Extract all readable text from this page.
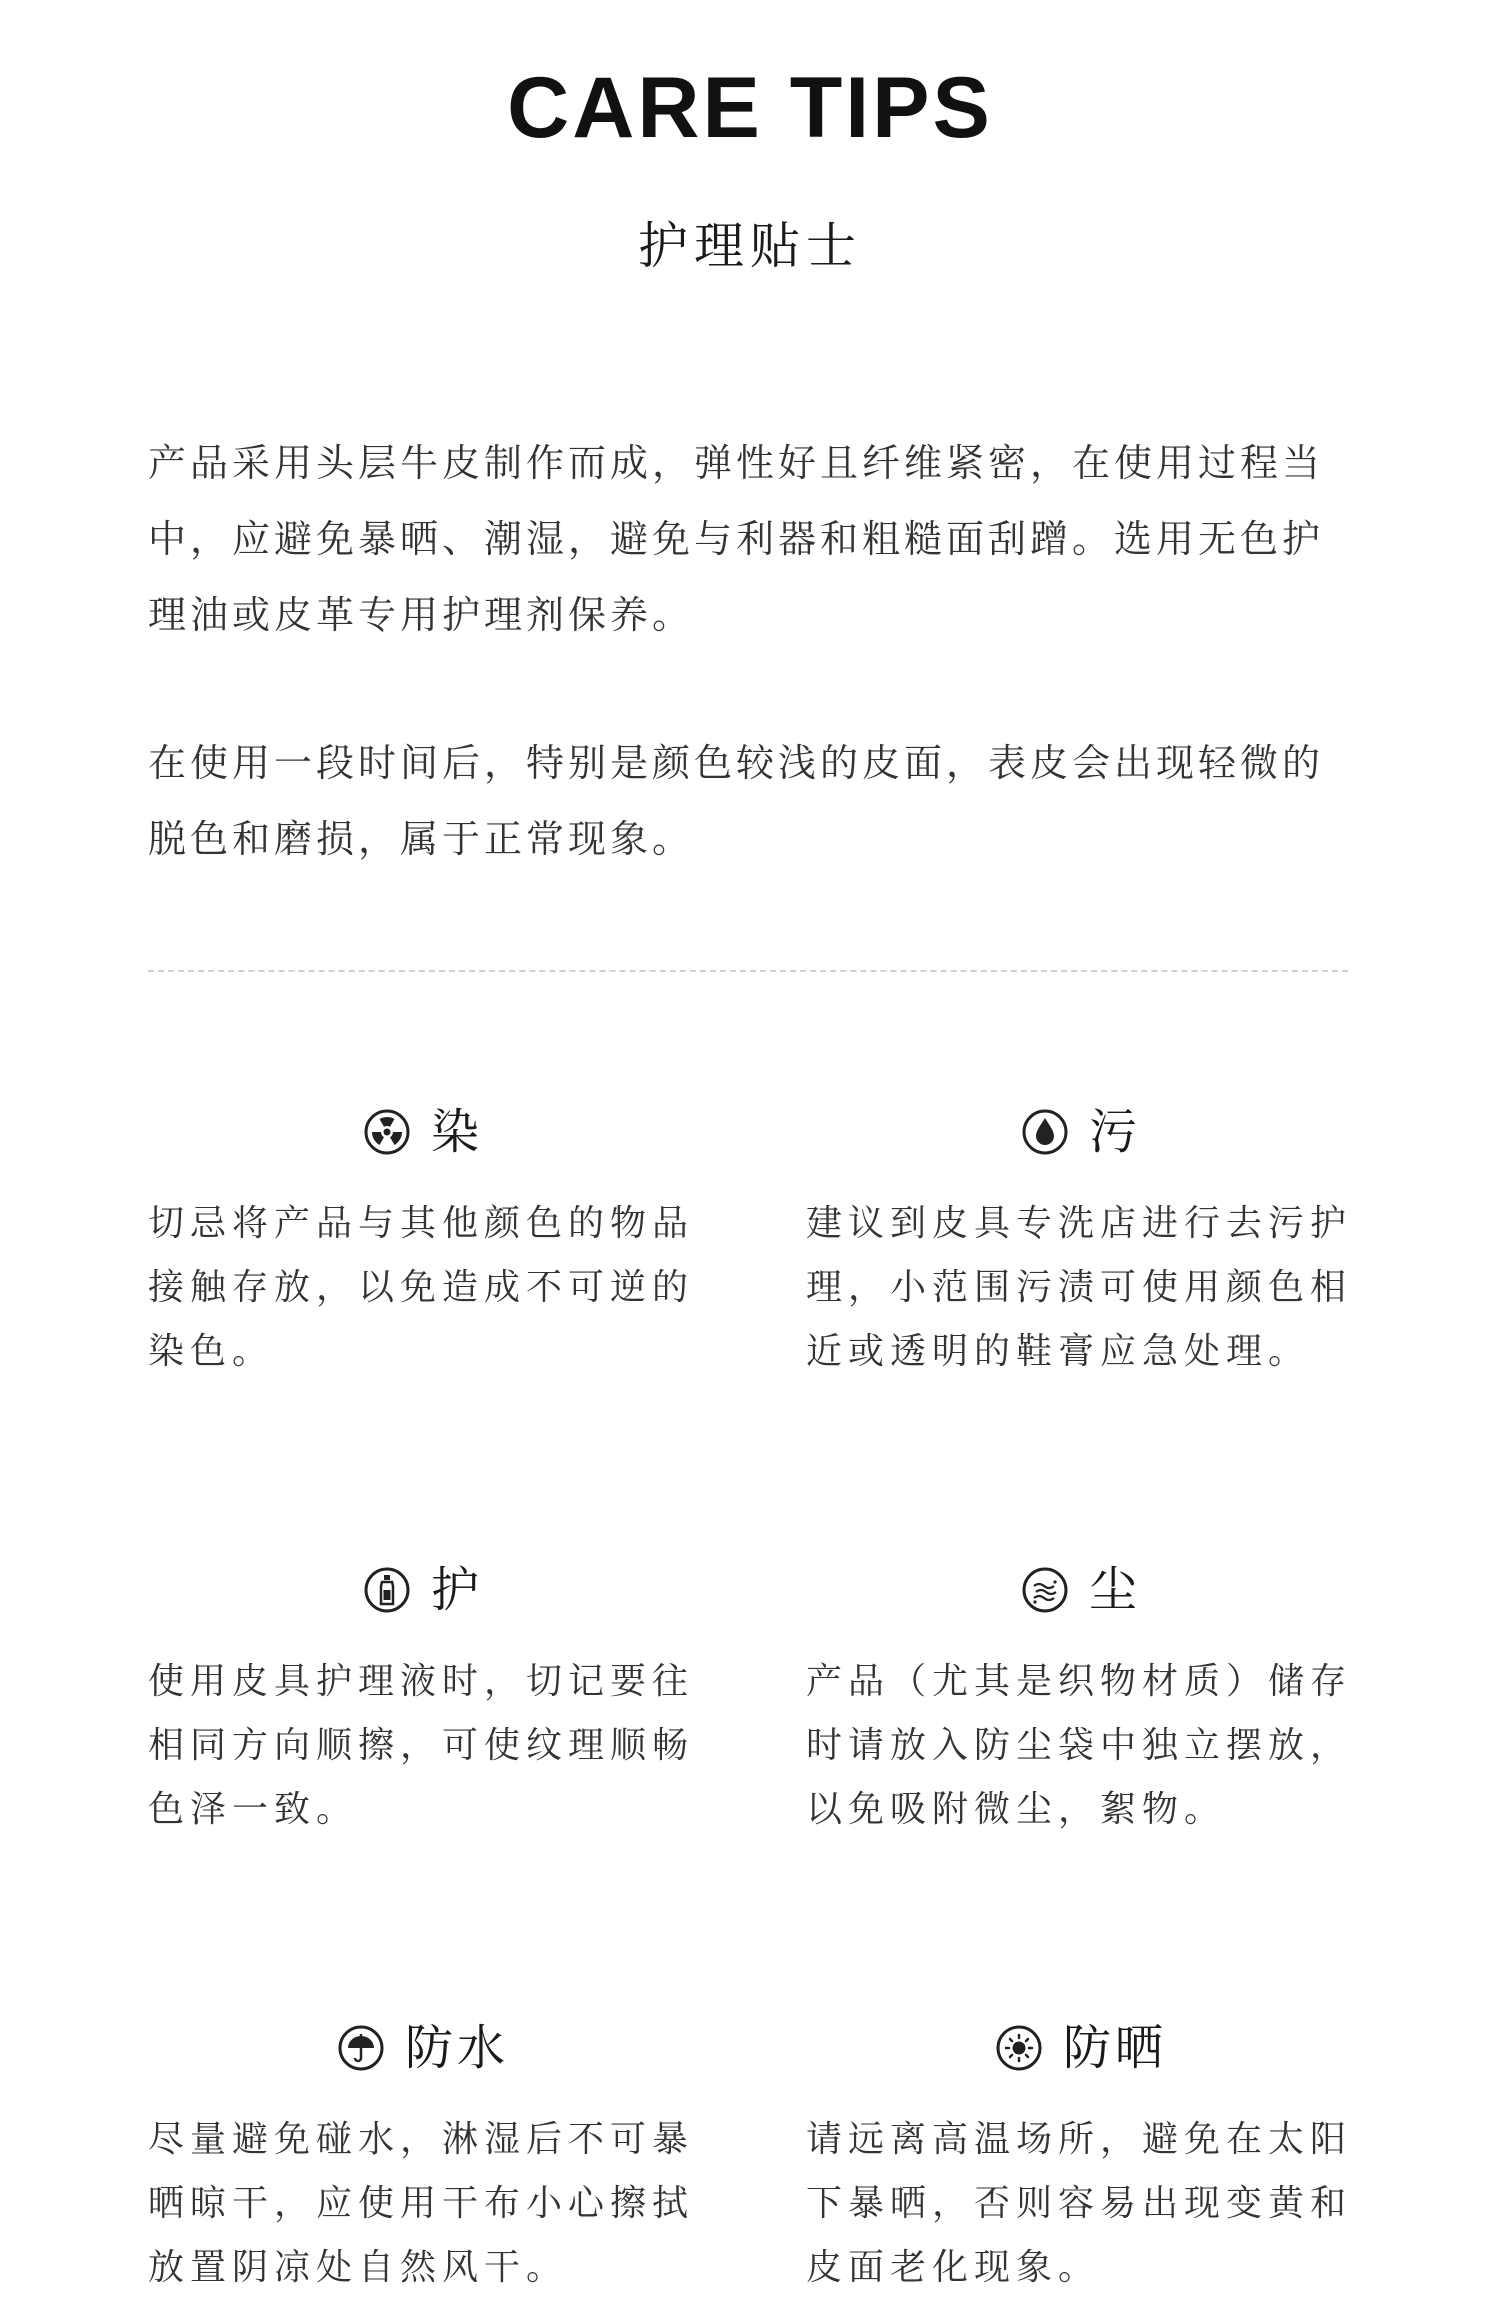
CARE TIPS
护理贴士

产品采用头层牛皮制作而成，弹性好且纤维紧密，在使用过程当中，应避免暴晒、潮湿，避免与利器和粗糙面刮蹭。选用无色护理油或皮革专用护理剂保养。

在使用一段时间后，特别是颜色较浅的皮面，表皮会出现轻微的脱色和磨损，属于正常现象。

染

切忌将产品与其他颜色的物品接触存放，以免造成不可逆的染色。

污

建议到皮具专洗店进行去污护理，小范围污渍可使用颜色相近或透明的鞋膏应急处理。

护

使用皮具护理液时，切记要往相同方向顺擦，可使纹理顺畅色泽一致。

尘

产品（尤其是织物材质）储存时请放入防尘袋中独立摆放，以免吸附微尘，絮物。

防水

尽量避免碰水，淋湿后不可暴晒晾干，应使用干布小心擦拭放置阴凉处自然风干。

防晒

请远离高温场所，避免在太阳下暴晒，否则容易出现变黄和皮面老化现象。
